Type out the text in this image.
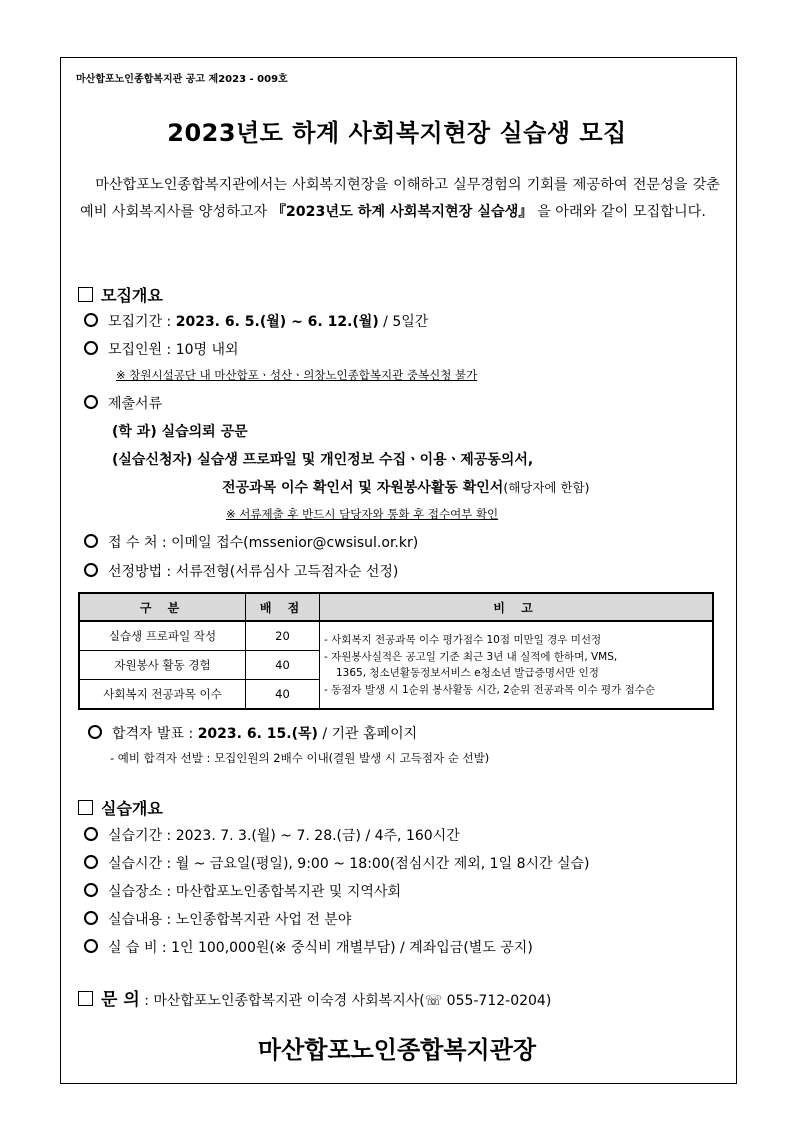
마산합포노인종합복지관 공고 제2023 - 009호
2023년도 하계 사회복지현장 실습생 모집
마산합포노인종합복지관에서는 사회복지현장을 이해하고 실무경험의 기회를 제공하여 전문성을 갖춘 예비 사회복지사를 양성하고자 『2023년도 하계 사회복지현장 실습생』 을 아래와 같이 모집합니다.
모집개요
모집기간 : 2023. 6. 5.(월) ~ 6. 12.(월) / 5일간
모집인원 : 10명 내외
※ 창원시설공단 내 마산합포ㆍ성산ㆍ의창노인종합복지관 중복신청 불가
제출서류
(학 과) 실습의뢰 공문
(실습신청자) 실습생 프로파일 및 개인정보 수집ㆍ이용ㆍ제공동의서,
전공과목 이수 확인서 및 자원봉사활동 확인서(해당자에 한함)
※ 서류제출 후 반드시 담당자와 통화 후 접수여부 확인
접 수 처 : 이메일 접수(mssenior@cwsisul.or.kr)
선정방법 : 서류전형(서류심사 고득점자순 선정)
구 분	배 점	비 고
실습생 프로파일 작성	20	- 사회복지 전공과목 이수 평가점수 10점 미만일 경우 미선정
- 자원봉사실적은 공고일 기준 최근 3년 내 실적에 한하며, VMS,
1365, 청소년활동정보서비스 e청소년 발급증명서만 인정
- 동점자 발생 시 1순위 봉사활동 시간, 2순위 전공과목 이수 평가 점수순

자원봉사 활동 경험	40	
사회복지 전공과목 이수	40	
합격자 발표 : 2023. 6. 15.(목) / 기관 홈페이지
- 예비 합격자 선발 : 모집인원의 2배수 이내(결원 발생 시 고득점자 순 선발)
실습개요
실습기간 : 2023. 7. 3.(월) ~ 7. 28.(금) / 4주, 160시간
실습시간 : 월 ~ 금요일(평일), 9:00 ~ 18:00(점심시간 제외, 1일 8시간 실습)
실습장소 : 마산합포노인종합복지관 및 지역사회
실습내용 : 노인종합복지관 사업 전 분야
실 습 비 : 1인 100,000원(※ 중식비 개별부담) / 계좌입금(별도 공지)
문 의 : 마산합포노인종합복지관 이숙경 사회복지사(☏ 055-712-0204)
마산합포노인종합복지관장
